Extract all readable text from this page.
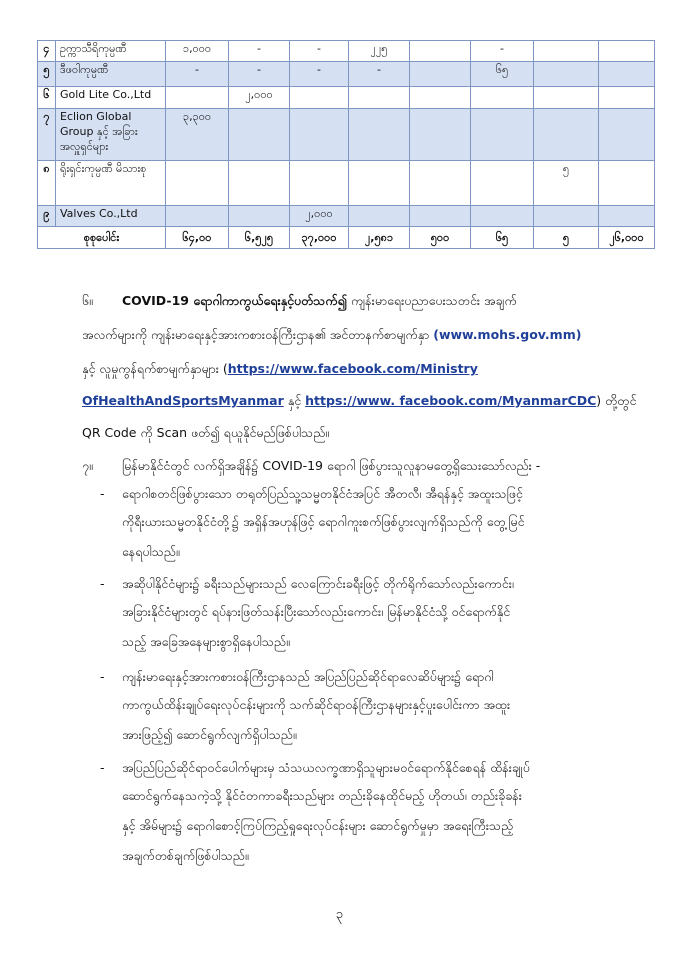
၄	ဥက္ကာသီရိကုမ္ပဏီ	၁,၀၀၀	-	-	၂၂၅		-		
၅	ဒီဖဝါကုမ္ပဏီ	-	-	-	-		၆၅		
၆	Gold Lite Co.,Ltd		၂,၀၀၀						
၇	Eclion Global Group နှင့် အခြား အလှူရှင်များ	၃,၃၀၀							
၈	ရိုးရှင်းကုမ္ပဏီ မိသားစု							၅	
၉	Valves Co.,Ltd			၂,၀၀၀					
စုစုပေါင်း		၆၄,၀၀	၆,၅၂၅	၃၇,၀၀၀	၂,၅၈၁	၅၀၀	၆၅	၅	၂၆,၀၀၀
၆။ COVID-19 ရောဂါကာကွယ်ရေးနှင့်ပတ်သက်၍ ကျန်းမာရေးပညာပေးသတင်း အချက်
အလက်များကို ကျန်းမာရေးနှင့်အားကစားဝန်ကြီးဌာန၏ အင်တာနက်စာမျက်နှာ (www.mohs.gov.mm)
နှင့် လူမှုကွန်ရက်စာမျက်နှာများ (https://www.facebook.com/Ministry
OfHealthAndSportsMyanmar နှင့် https://www. facebook.com/MyanmarCDC) တို့တွင်
QR Code ကို Scan ဖတ်၍ ရယူနိုင်မည်ဖြစ်ပါသည်။
၇။ မြန်မာနိုင်ငံတွင် လက်ရှိအချိန်၌ COVID-19 ရောဂါ ဖြစ်ပွားသူလူနာမတွေ့ရှိသေးသော်လည်း -
- ရောဂါစတင်ဖြစ်ပွားသော တရုတ်ပြည်သူ့သမ္မတနိုင်ငံအပြင် အီတလီ၊ အီရန်နှင့် အထူးသဖြင့်
ကိုရီးယားသမ္မတနိုင်ငံတို့၌ အရှိန်အဟုန်ဖြင့် ရောဂါကူးစက်ဖြစ်ပွားလျက်ရှိသည်ကို တွေ့မြင်
နေရပါသည်။
- အဆိုပါနိုင်ငံများ၌ ခရီးသည်များသည် လေကြောင်းခရီးဖြင့် တိုက်ရိုက်သော်လည်းကောင်း၊
အခြားနိုင်ငံများတွင် ရပ်နားဖြတ်သန်းပြီးသော်လည်းကောင်း၊ မြန်မာနိုင်ငံသို့ ဝင်ရောက်နိုင်
သည့် အခြေအနေများစွာရှိနေပါသည်။
- ကျန်းမာရေးနှင့်အားကစားဝန်ကြီးဌာနသည် အပြည်ပြည်ဆိုင်ရာလေဆိပ်များ၌ ရောဂါ
ကာကွယ်ထိန်းချုပ်ရေးလုပ်ငန်းများကို သက်ဆိုင်ရာဝန်ကြီးဌာနများနှင့်ပူးပေါင်းကာ အထူး
အားဖြည့်၍ ဆောင်ရွက်လျက်ရှိပါသည်။
- အပြည်ပြည်ဆိုင်ရာဝင်ပေါက်များမှ သံသယလက္ခဏာရှိသူများမဝင်ရောက်နိုင်စေရန် ထိန်းချုပ်
ဆောင်ရွက်နေသကဲ့သို့ နိုင်ငံတကာခရီးသည်များ တည်းခိုနေထိုင်မည့် ဟိုတယ်၊ တည်းခိုခန်း
နှင့် အိမ်များ၌ ရောဂါစောင့်ကြပ်ကြည့်ရှုရေးလုပ်ငန်းများ ဆောင်ရွက်မှုမှာ အရေးကြီးသည့်
အချက်တစ်ချက်ဖြစ်ပါသည်။
၃
